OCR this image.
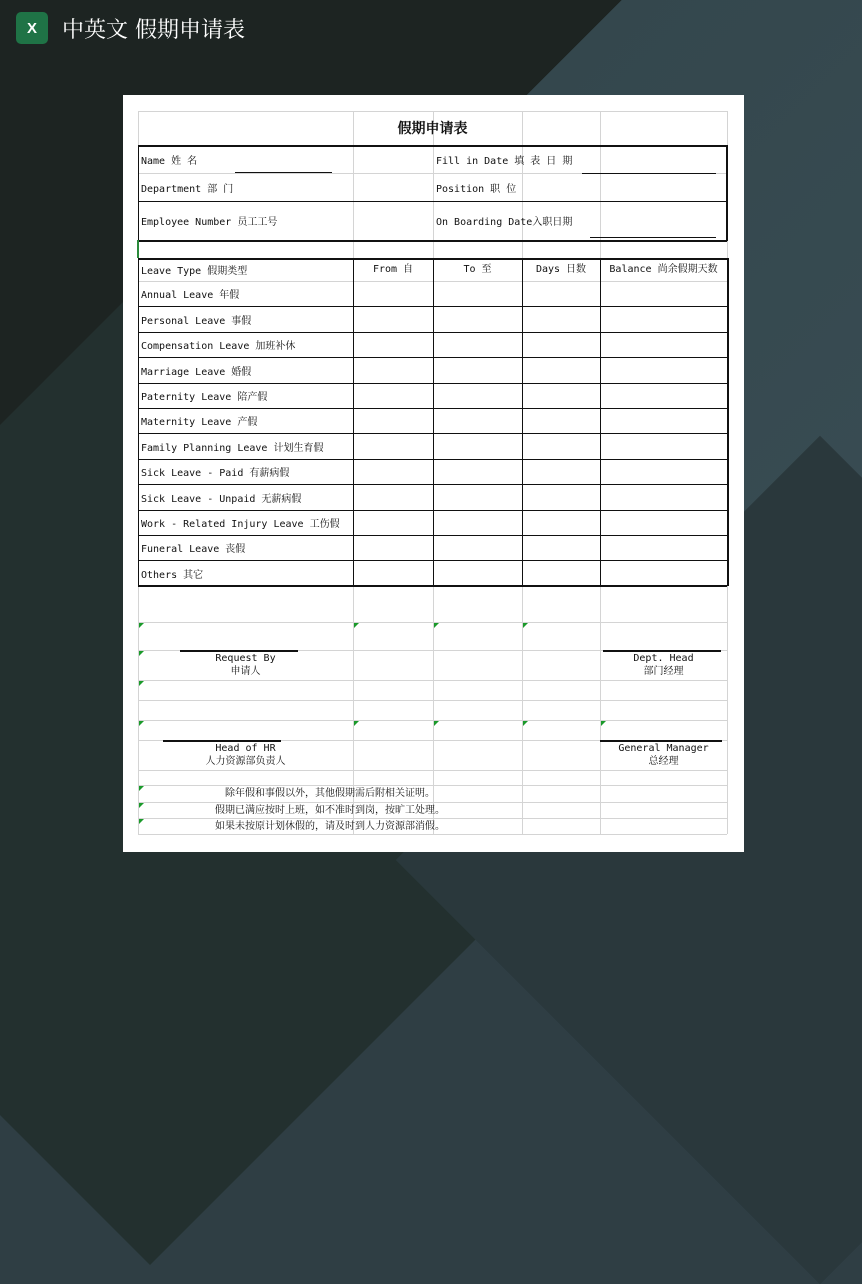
X	中英文 假期申请表
假期申请表
Name 姓 名	Fill in Date 填 表 日 期
Department 部 门	Position 职 位
Employee Number 员工工号	On Boarding Date入职日期
Leave Type 假期类型	From 自	To 至	Days 日数	Balance 尚余假期天数
Annual Leave 年假
Personal Leave 事假
Compensation Leave 加班补休
Marriage Leave 婚假
Paternity Leave 陪产假
Maternity Leave 产假
Family Planning Leave 计划生育假
Sick Leave - Paid 有薪病假
Sick Leave - Unpaid 无薪病假
Work - Related Injury Leave 工伤假
Funeral Leave 丧假
Others 其它
Request By
申请人
Dept. Head
部门经理
Head of HR
人力资源部负责人
General Manager
总经理
除年假和事假以外，其他假期需后附相关证明。
假期已满应按时上班，如不准时到岗，按旷工处理。
如果未按原计划休假的，请及时到人力资源部消假。
